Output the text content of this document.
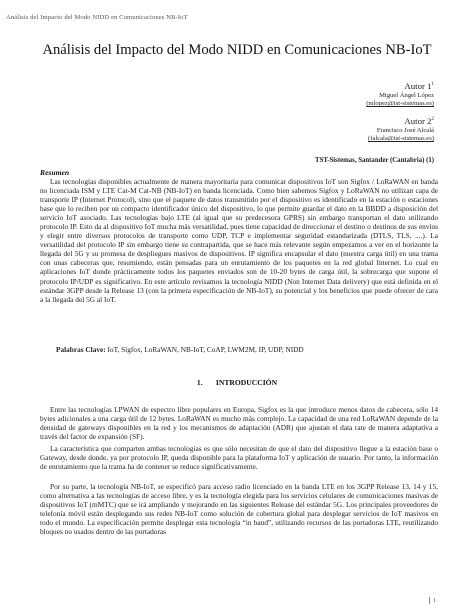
Análisis del Impacto del Modo NIDD en Comunicaciones NB-IoT
Análisis del Impacto del Modo NIDD en Comunicaciones NB-IoT
Autor $1^1$
Miguel Ángel López
(mlopez@tst-sistemas.es)
Autor $2^2$
Francisco José Alcalá
(falcala@tst-sistemas.es)
TST-Sistemas, Santander (Cantabria) (1)
Resumen

Las tecnologías disponibles actualmente de manera mayoritaria para comunicar dispositivos IoT son Sigfox / LoRaWAN en banda no licenciada ISM y LTE Cat-M Cat-NB (NB-IoT) en banda licenciada. Como bien sabemos Sigfox y LoRaWAN no utilizan capa de transporte IP (Internet Protocol), sino que el paquete de datos transmitido por el dispositivo es identificado en la estación o estaciones base que lo reciben por un compacto identificador único del dispositivo, lo que permite guardar el dato en la BBDD a disposición del servicio IoT asociado. Las tecnologías bajo LTE (al igual que su predecesora GPRS) sin embargo transportan el dato utilizando protocolo IP. Esto da al dispositivo IoT mucha más versatilidad, pues tiene capacidad de direccionar el destino o destinos de sus envíos y elegir entre diversos protocolos de transporte como UDP, TCP e implementar seguridad estandarizada (DTLS, TLS, ....). La versatilidad del protocolo IP sin embargo tiene su contrapartida, que se hace más relevante según empezamos a ver en el horizonte la llegada del 5G y su promesa de despliegues masivos de dispositivos. IP significa encapsular el dato (nuestra carga útil) en una trama con unas cabeceras que, resumiendo, están pensadas para un enrutamiento de los paquetes en la red global Internet. Lo cual en aplicaciones IoT donde prácticamente todos los paquetes enviados son de 10-20 bytes de carga útil, la sobrecarga que supone el protocolo IP/UDP es significativo. En este artículo revisamos la tecnología NIDD (Non Internet Data delivery) que está definida en el estándar 3GPP desde la Release 13 (con la primera especificación de NB-IoT), su potencial y los beneficios que puede ofrecer de cara a la llegada del 5G al IoT.

Palabras Clave: IoT, Sigfox, LoRaWAN, NB-IoT, CoAP, LWM2M, IP, UDP, NIDD
1.       INTRODUCCIÓN

Entre las tecnologías LPWAN de espectro libre populares en Europa, Sigfox es la que introduce menos datos de cabecera, sólo 14 bytes adicionales a una carga útil de 12 bytes. LoRaWAN es mucho más complejo. La capacidad de una red LoRaWAN depende de la densidad de gateways disponibles en la red y los mecanismos de adaptación (ADR) que ajustan el data rate de manera adaptativa a través del factor de expansión (SF).

La característica que comparten ambas tecnologías es que sólo necesitan de que el dato del dispositivo llegue a la estación base o Gateway, desde donde, ya por protocolo IP, queda disponible para la plataforma IoT y aplicación de usuario. Por tanto, la información de enrutamiento que la trama ha de contener se reduce significativamente.

Por su parte, la tecnología NB-IoT, se especificó para acceso radio licenciado en la banda LTE en los 3GPP Release 13, 14 y 15, como alternativa a las tecnologías de acceso libre, y es la tecnología elegida para los servicios celulares de comunicaciones masivas de dispositivos IoT (mMTC) que se irá ampliando y mejorando en las siguientes Release del estándar 5G. Los principales proveedores de telefonía móvil están desplegando sus redes NB-IoT como solución de cobertura global para desplegar servicios de IoT masivos en todo el mundo. La especificación permite desplegar esta tecnología “in band”, utilizando recursos de las portadoras LTE, reutilizando bloques no usados dentro de las portadoras

1
